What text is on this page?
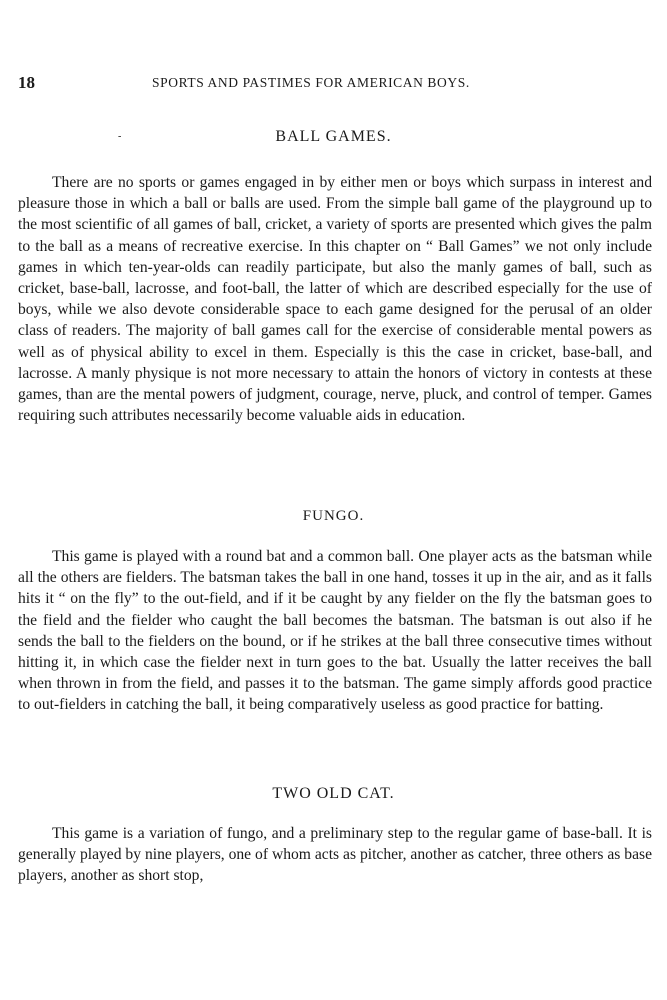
18	SPORTS AND PASTIMES FOR AMERICAN BOYS.
-	BALL GAMES.

There are no sports or games engaged in by either men or boys which surpass in interest and pleasure those in which a ball or balls are used. From the simple ball game of the playground up to the most scientific of all games of ball, cricket, a variety of sports are presented which gives the palm to the ball as a means of recreative exercise. In this chapter on “ Ball Games” we not only include games in which ten-year-olds can readily participate, but also the manly games of ball, such as cricket, base-ball, lacrosse, and foot-ball, the latter of which are described especially for the use of boys, while we also devote considerable space to each game designed for the perusal of an older class of readers. The majority of ball games call for the exercise of considerable mental powers as well as of physical ability to excel in them. Especially is this the case in cricket, base-ball, and lacrosse. A manly physique is not more necessary to attain the honors of victory in contests at these games, than are the mental powers of judgment, courage, nerve, pluck, and control of temper. Games requiring such attributes necessarily become valuable aids in education.

FUNGO.

This game is played with a round bat and a common ball. One player acts as the batsman while all the others are fielders. The batsman takes the ball in one hand, tosses it up in the air, and as it falls hits it “ on the fly” to the out-field, and if it be caught by any fielder on the fly the batsman goes to the field and the fielder who caught the ball becomes the batsman. The batsman is out also if he sends the ball to the fielders on the bound, or if he strikes at the ball three consecutive times without hitting it, in which case the fielder next in turn goes to the bat. Usually the latter receives the ball when thrown in from the field, and passes it to the batsman. The game simply affords good practice to out-fielders in catching the ball, it being comparatively useless as good practice for batting.

TWO OLD CAT.

This game is a variation of fungo, and a preliminary step to the regular game of base-ball. It is generally played by nine players, one of whom acts as pitcher, another as catcher, three others as base players, another as short stop,
